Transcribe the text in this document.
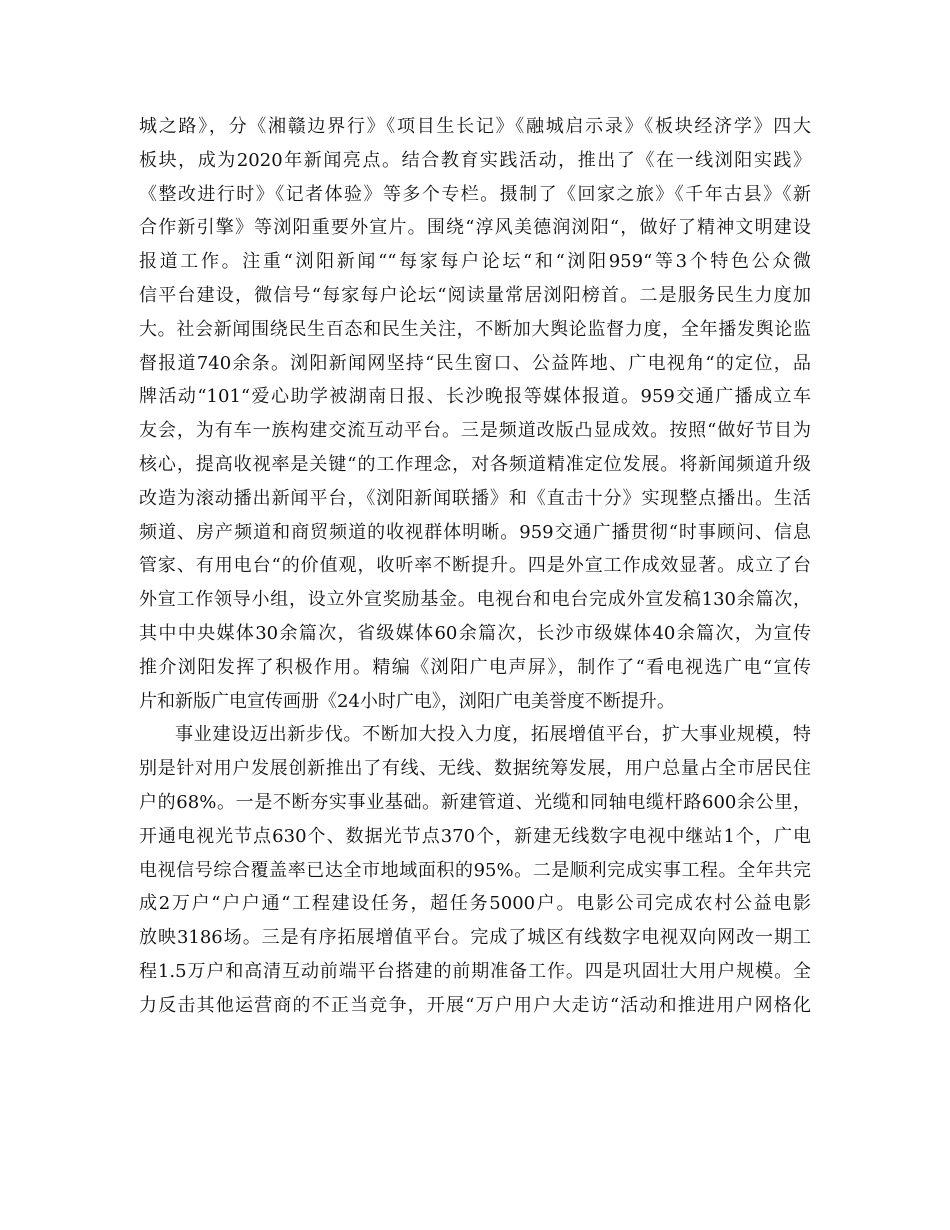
城之路》，分《湘赣边界行》《项目生长记》《融城启示录》《板块经济学》四大
板块，成为2020年新闻亮点。结合教育实践活动，推出了《在一线浏阳实践》
《整改进行时》《记者体验》等多个专栏。摄制了《回家之旅》《千年古县》《新
合作新引擎》等浏阳重要外宣片。围绕“淳风美德润浏阳“，做好了精神文明建设
报道工作。注重“浏阳新闻““每家每户论坛“和“浏阳959“等3个特色公众微
信平台建设，微信号“每家每户论坛“阅读量常居浏阳榜首。二是服务民生力度加
大。社会新闻围绕民生百态和民生关注，不断加大舆论监督力度，全年播发舆论监
督报道740余条。浏阳新闻网坚持“民生窗口、公益阵地、广电视角“的定位，品
牌活动“101“爱心助学被湖南日报、长沙晚报等媒体报道。959交通广播成立车
友会，为有车一族构建交流互动平台。三是频道改版凸显成效。按照“做好节目为
核心，提高收视率是关键“的工作理念，对各频道精准定位发展。将新闻频道升级
改造为滚动播出新闻平台，《浏阳新闻联播》和《直击十分》实现整点播出。生活
频道、房产频道和商贸频道的收视群体明晰。959交通广播贯彻“时事顾问、信息
管家、有用电台“的价值观，收听率不断提升。四是外宣工作成效显著。成立了台
外宣工作领导小组，设立外宣奖励基金。电视台和电台完成外宣发稿130余篇次，
其中中央媒体30余篇次，省级媒体60余篇次，长沙市级媒体40余篇次，为宣传
推介浏阳发挥了积极作用。精编《浏阳广电声屏》，制作了“看电视选广电“宣传
片和新版广电宣传画册《24小时广电》，浏阳广电美誉度不断提升。
事业建设迈出新步伐。不断加大投入力度，拓展增值平台，扩大事业规模，特
别是针对用户发展创新推出了有线、无线、数据统筹发展，用户总量占全市居民住
户的68%。一是不断夯实事业基础。新建管道、光缆和同轴电缆杆路600余公里，
开通电视光节点630个、数据光节点370个，新建无线数字电视中继站1个，广电
电视信号综合覆盖率已达全市地域面积的95%。二是顺利完成实事工程。全年共完
成2万户“户户通“工程建设任务，超任务5000户。电影公司完成农村公益电影
放映3186场。三是有序拓展增值平台。完成了城区有线数字电视双向网改一期工
程1.5万户和高清互动前端平台搭建的前期准备工作。四是巩固壮大用户规模。全
力反击其他运营商的不正当竞争，开展“万户用户大走访“活动和推进用户网格化
